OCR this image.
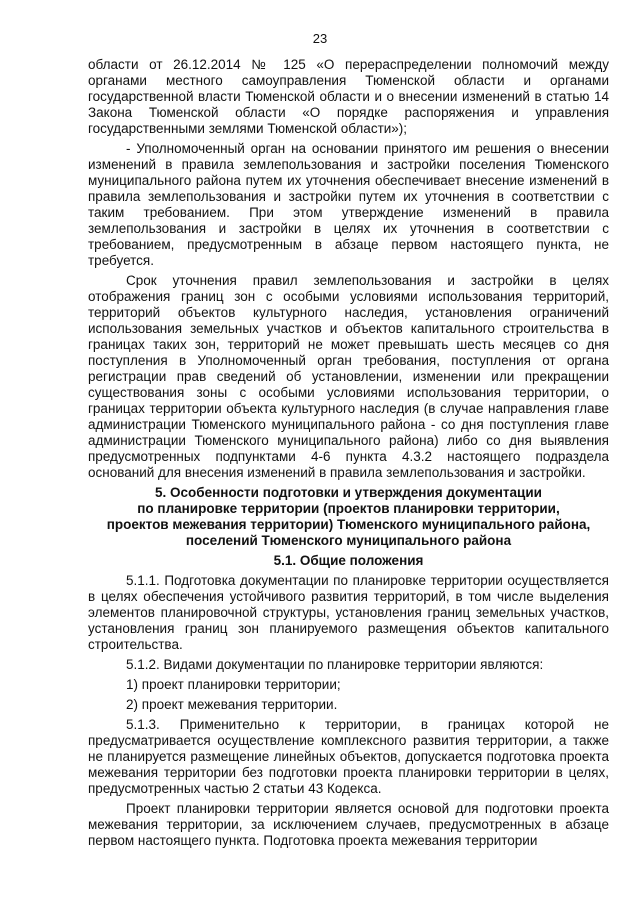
23

области от 26.12.2014 № 125 «О перераспределении полномочий между органами местного самоуправления Тюменской области и органами государственной власти Тюменской области и о внесении изменений в статью 14 Закона Тюменской области «О порядке распоряжения и управления государственными землями Тюменской области»);

- Уполномоченный орган на основании принятого им решения о внесении изменений в правила землепользования и застройки поселения Тюменского муниципального района путем их уточнения обеспечивает внесение изменений в правила землепользования и застройки путем их уточнения в соответствии с таким требованием. При этом утверждение изменений в правила землепользования и застройки в целях их уточнения в соответствии с требованием, предусмотренным в абзаце первом настоящего пункта, не требуется.

Срок уточнения правил землепользования и застройки в целях отображения границ зон с особыми условиями использования территорий, территорий объектов культурного наследия, установления ограничений использования земельных участков и объектов капитального строительства в границах таких зон, территорий не может превышать шесть месяцев со дня поступления в Уполномоченный орган требования, поступления от органа регистрации прав сведений об установлении, изменении или прекращении существования зоны с особыми условиями использования территории, о границах территории объекта культурного наследия (в случае направления главе администрации Тюменского муниципального района - со дня поступления главе администрации Тюменского муниципального района) либо со дня выявления предусмотренных подпунктами 4-6 пункта 4.3.2 настоящего подраздела оснований для внесения изменений в правила землепользования и застройки.

5. Особенности подготовки и утверждения документации
по планировке территории (проектов планировки территории,
проектов межевания территории) Тюменского муниципального района,
поселений Тюменского муниципального района
5.1. Общие положения

5.1.1. Подготовка документации по планировке территории осуществляется в целях обеспечения устойчивого развития территорий, в том числе выделения элементов планировочной структуры, установления границ земельных участков, установления границ зон планируемого размещения объектов капитального строительства.

5.1.2. Видами документации по планировке территории являются:

1) проект планировки территории;

2) проект межевания территории.

5.1.3. Применительно к территории, в границах которой не предусматривается осуществление комплексного развития территории, а также не планируется размещение линейных объектов, допускается подготовка проекта межевания территории без подготовки проекта планировки территории в целях, предусмотренных частью 2 статьи 43 Кодекса.

Проект планировки территории является основой для подготовки проекта межевания территории, за исключением случаев, предусмотренных в абзаце первом настоящего пункта. Подготовка проекта межевания территории
